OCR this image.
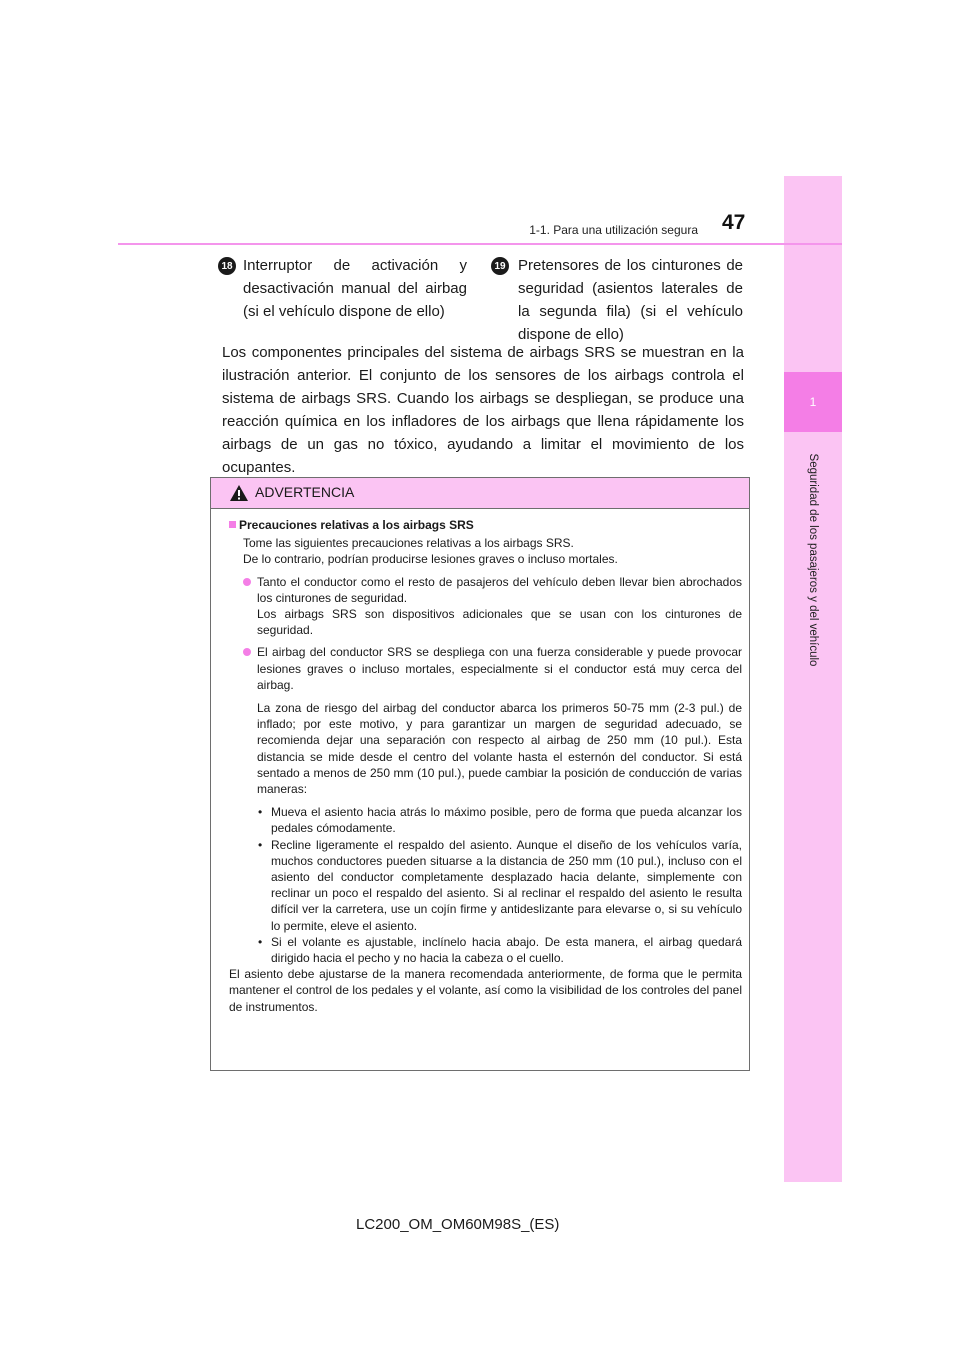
1
Seguridad de los pasajeros y del vehículo
1-1. Para una utilización segura 47
18 Interruptor de activación y desactivación manual del airbag (si el vehículo dispone de ello)
19 Pretensores de los cinturones de seguridad (asientos laterales de la segunda fila) (si el vehículo dispone de ello)
Los componentes principales del sistema de airbags SRS se muestran en la ilustración anterior. El conjunto de los sensores de los airbags controla el sistema de airbags SRS. Cuando los airbags se despliegan, se produce una reacción química en los infladores de los airbags que llena rápidamente los airbags de un gas no tóxico, ayudando a limitar el movimiento de los ocupantes.
ADVERTENCIA
Precauciones relativas a los airbags SRS
Tome las siguientes precauciones relativas a los airbags SRS.
De lo contrario, podrían producirse lesiones graves o incluso mortales.
Tanto el conductor como el resto de pasajeros del vehículo deben llevar bien abrochados los cinturones de seguridad.
Los airbags SRS son dispositivos adicionales que se usan con los cinturones de seguridad.
El airbag del conductor SRS se despliega con una fuerza considerable y puede provocar lesiones graves o incluso mortales, especialmente si el conductor está muy cerca del airbag.
La zona de riesgo del airbag del conductor abarca los primeros 50-75 mm (2-3 pul.) de inflado; por este motivo, y para garantizar un margen de seguridad adecuado, se recomienda dejar una separación con respecto al airbag de 250 mm (10 pul.). Esta distancia se mide desde el centro del volante hasta el esternón del conductor. Si está sentado a menos de 250 mm (10 pul.), puede cambiar la posición de conducción de varias maneras:
• Mueva el asiento hacia atrás lo máximo posible, pero de forma que pueda alcanzar los pedales cómodamente.
• Recline ligeramente el respaldo del asiento. Aunque el diseño de los vehículos varía, muchos conductores pueden situarse a la distancia de 250 mm (10 pul.), incluso con el asiento del conductor completamente desplazado hacia delante, simplemente con reclinar un poco el respaldo del asiento. Si al reclinar el respaldo del asiento le resulta difícil ver la carretera, use un cojín firme y antideslizante para elevarse o, si su vehículo lo permite, eleve el asiento.
• Si el volante es ajustable, inclínelo hacia abajo. De esta manera, el airbag quedará dirigido hacia el pecho y no hacia la cabeza o el cuello.
El asiento debe ajustarse de la manera recomendada anteriormente, de forma que le permita mantener el control de los pedales y el volante, así como la visibilidad de los controles del panel de instrumentos.
LC200_OM_OM60M98S_(ES)
